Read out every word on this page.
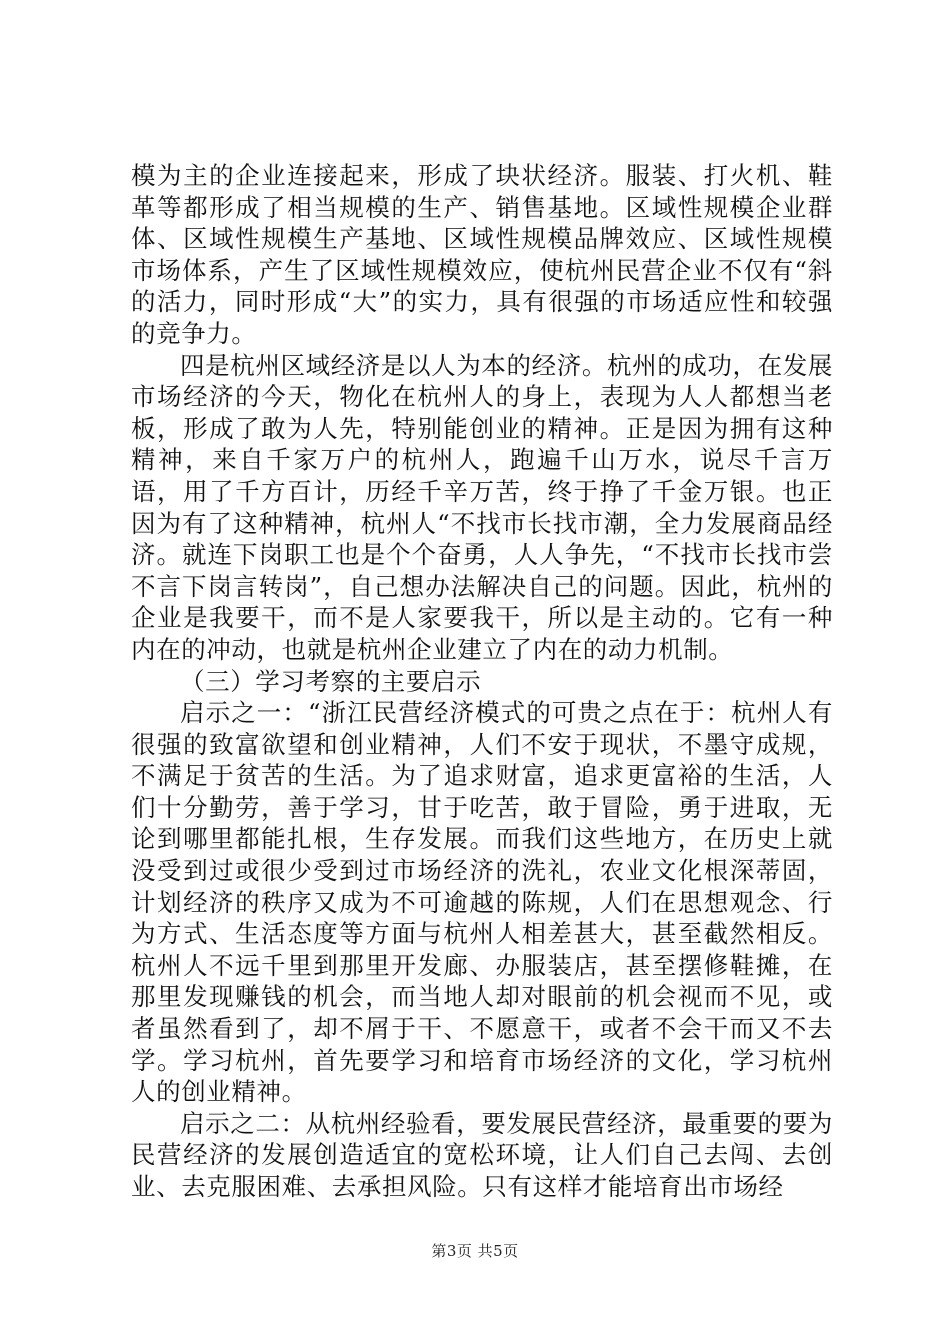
模为主的企业连接起来，形成了块状经济。服装、打火机、鞋革等都形成了相当规模的生产、销售基地。区域性规模企业群体、区域性规模生产基地、区域性规模品牌效应、区域性规模市场体系，产生了区域性规模效应，使杭州民营企业不仅有“斜的活力，同时形成“大”的实力，具有很强的市场适应性和较强的竞争力。

四是杭州区域经济是以人为本的经济。杭州的成功，在发展市场经济的今天，物化在杭州人的身上，表现为人人都想当老板，形成了敢为人先，特别能创业的精神。正是因为拥有这种精神，来自千家万户的杭州人，跑遍千山万水，说尽千言万语，用了千方百计，历经千辛万苦，终于挣了千金万银。也正因为有了这种精神，杭州人“不找市长找市潮，全力发展商品经济。就连下岗职工也是个个奋勇，人人争先，“不找市长找市尝不言下岗言转岗”，自己想办法解决自己的问题。因此，杭州的企业是我要干，而不是人家要我干，所以是主动的。它有一种内在的冲动，也就是杭州企业建立了内在的动力机制。

（三）学习考察的主要启示

启示之一：“浙江民营经济模式的可贵之点在于：杭州人有很强的致富欲望和创业精神，人们不安于现状，不墨守成规，不满足于贫苦的生活。为了追求财富，追求更富裕的生活，人们十分勤劳，善于学习，甘于吃苦，敢于冒险，勇于进取，无论到哪里都能扎根，生存发展。而我们这些地方，在历史上就没受到过或很少受到过市场经济的洗礼，农业文化根深蒂固，计划经济的秩序又成为不可逾越的陈规，人们在思想观念、行为方式、生活态度等方面与杭州人相差甚大，甚至截然相反。杭州人不远千里到那里开发廊、办服装店，甚至摆修鞋摊，在那里发现赚钱的机会，而当地人却对眼前的机会视而不见，或者虽然看到了，却不屑于干、不愿意干，或者不会干而又不去学。学习杭州，首先要学习和培育市场经济的文化，学习杭州人的创业精神。

启示之二：从杭州经验看，要发展民营经济，最重要的要为民营经济的发展创造适宜的宽松环境，让人们自己去闯、去创业、去克服困难、去承担风险。只有这样才能培育出市场经

第3页 共5页
